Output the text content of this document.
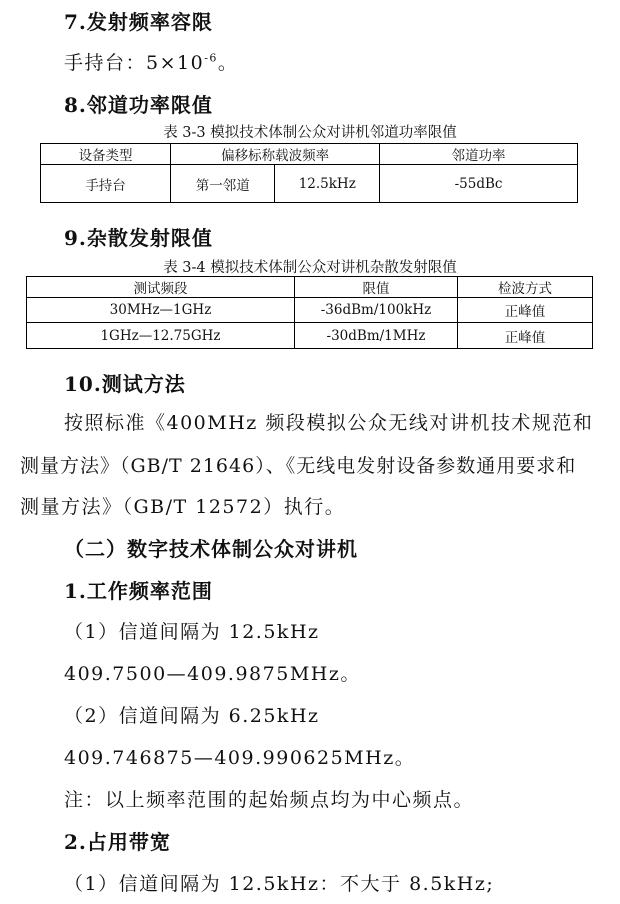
7.发射频率容限
手持台：$5\times 10^{-6}$。
8.邻道功率限值
表 3-3 模拟技术体制公众对讲机邻道功率限值
设备类型	偏移标称载波频率		邻道功率
手持台	第一邻道	12.5kHz	-55dBc
9.杂散发射限值
表 3-4 模拟技术体制公众对讲机杂散发射限值
测试频段	限值	检波方式
30MHz—1GHz	-36dBm/100kHz	正峰值
1GHz—12.75GHz	-30dBm/1MHz	正峰值
10.测试方法
按照标准《400MHz 频段模拟公众无线对讲机技术规范和
测量方法》（GB/T 21646）、《无线电发射设备参数通用要求和
测量方法》（GB/T 12572）执行。
（二）数字技术体制公众对讲机
1.工作频率范围
（1）信道间隔为 12.5kHz
409.7500—409.9875MHz。
（2）信道间隔为 6.25kHz
409.746875—409.990625MHz。
注：以上频率范围的起始频点均为中心频点。
2.占用带宽
（1）信道间隔为 12.5kHz：不大于 8.5kHz;
